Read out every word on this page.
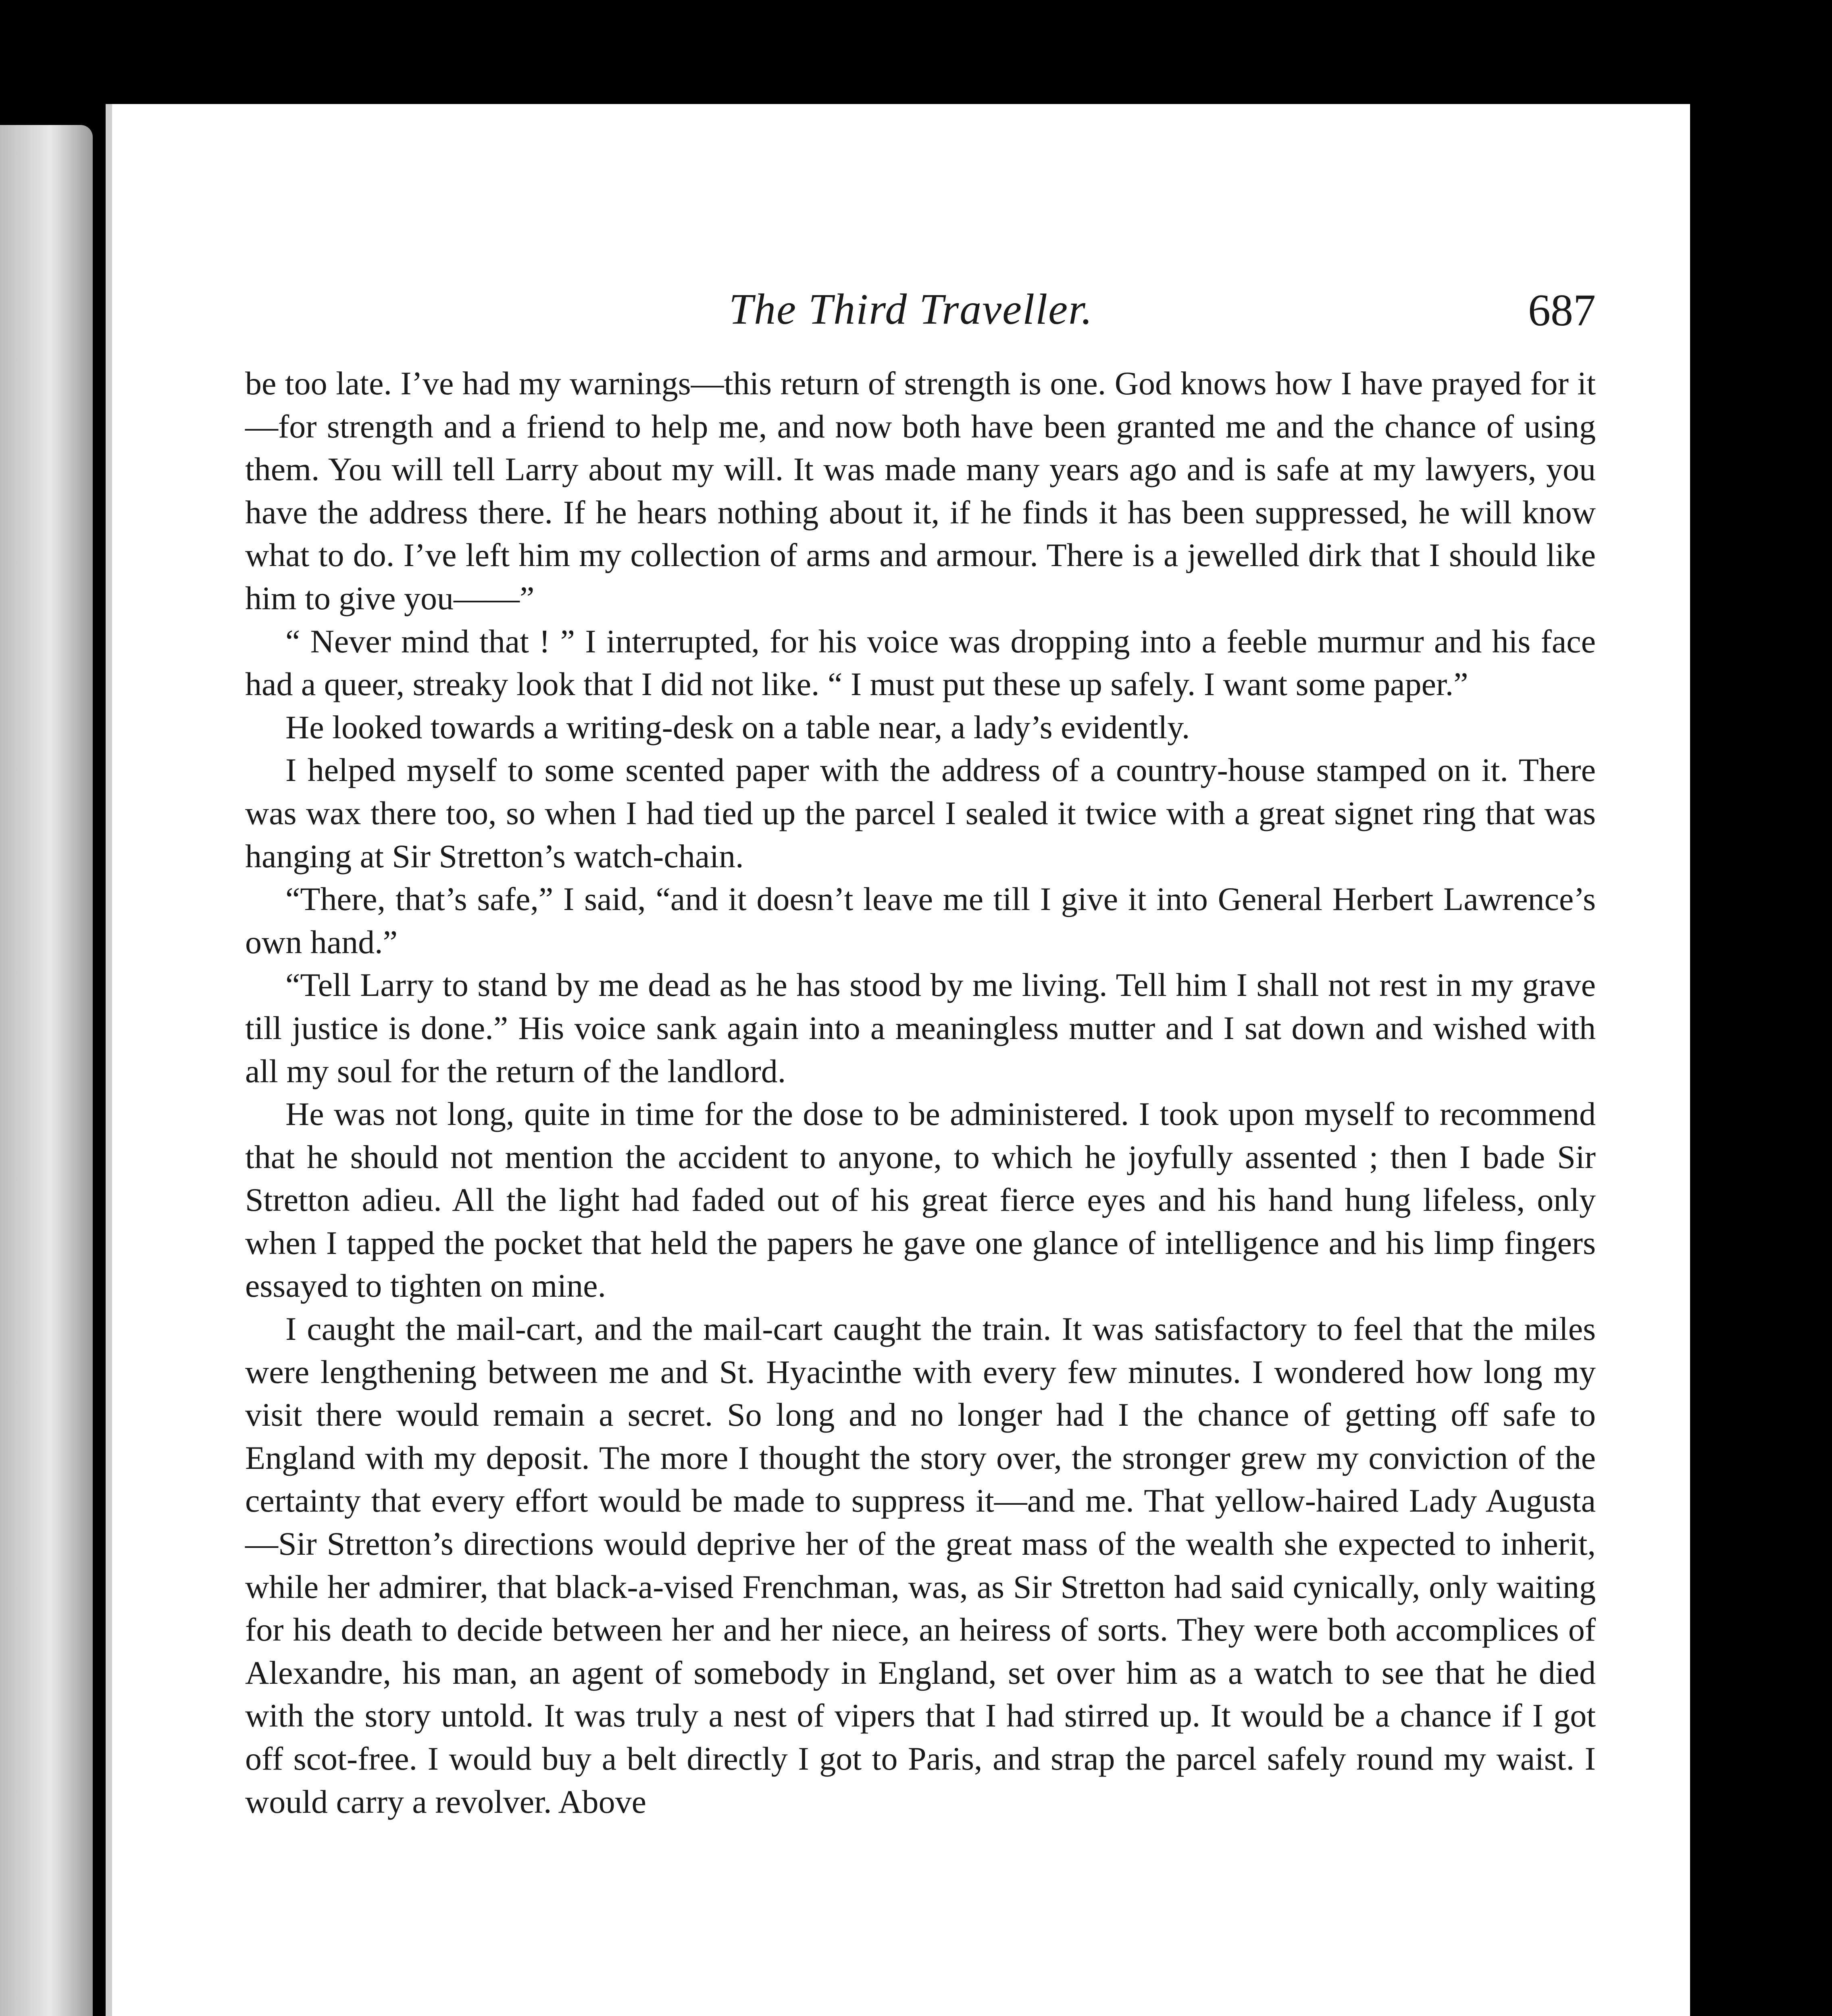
The Third Traveller.	687

be too late. I’ve had my warnings—this return of strength is one. God knows how I have prayed for it—for strength and a friend to help me, and now both have been granted me and the chance of using them. You will tell Larry about my will. It was made many years ago and is safe at my lawyers, you have the address there. If he hears nothing about it, if he finds it has been suppressed, he will know what to do. I’ve left him my collection of arms and armour. There is a jewelled dirk that I should like him to give you——”

“ Never mind that ! ” I interrupted, for his voice was dropping into a feeble murmur and his face had a queer, streaky look that I did not like. “ I must put these up safely. I want some paper.”

He looked towards a writing-desk on a table near, a lady’s evidently.

I helped myself to some scented paper with the address of a country-house stamped on it. There was wax there too, so when I had tied up the parcel I sealed it twice with a great signet ring that was hanging at Sir Stretton’s watch-chain.

“There, that’s safe,” I said, “and it doesn’t leave me till I give it into General Herbert Lawrence’s own hand.”

“Tell Larry to stand by me dead as he has stood by me living. Tell him I shall not rest in my grave till justice is done.” His voice sank again into a meaningless mutter and I sat down and wished with all my soul for the return of the landlord.

He was not long, quite in time for the dose to be administered. I took upon myself to recommend that he should not mention the accident to anyone, to which he joyfully assented ; then I bade Sir Stretton adieu. All the light had faded out of his great fierce eyes and his hand hung lifeless, only when I tapped the pocket that held the papers he gave one glance of intelligence and his limp fingers essayed to tighten on mine.

I caught the mail-cart, and the mail-cart caught the train. It was satisfactory to feel that the miles were lengthening between me and St. Hyacinthe with every few minutes. I wondered how long my visit there would remain a secret. So long and no longer had I the chance of getting off safe to England with my deposit. The more I thought the story over, the stronger grew my conviction of the certainty that every effort would be made to suppress it—and me. That yellow-haired Lady Augusta—Sir Stretton’s directions would deprive her of the great mass of the wealth she expected to inherit, while her admirer, that black-a-vised Frenchman, was, as Sir Stretton had said cynically, only waiting for his death to decide between her and her niece, an heiress of sorts. They were both accomplices of Alexandre, his man, an agent of somebody in England, set over him as a watch to see that he died with the story untold. It was truly a nest of vipers that I had stirred up. It would be a chance if I got off scot-free. I would buy a belt directly I got to Paris, and strap the parcel safely round my waist. I would carry a revolver. Above
